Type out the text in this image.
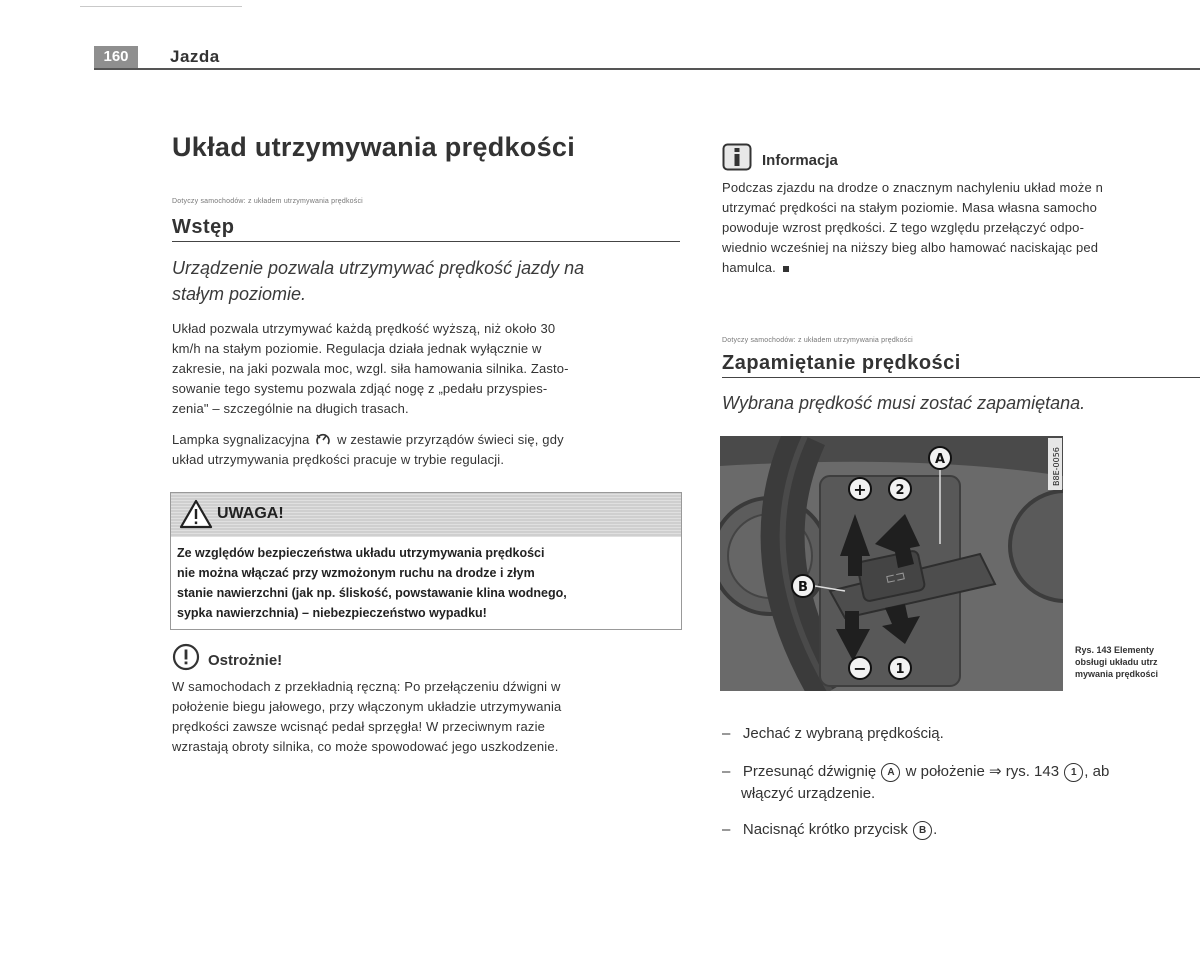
160	Jazda
Układ utrzymywania prędkości
Dotyczy samochodów: z układem utrzymywania prędkości
Wstęp
Urządzenie pozwala utrzymywać prędkość jazdy na
stałym poziomie.
Układ pozwala utrzymywać każdą prędkość wyższą, niż około 30
km/h na stałym poziomie. Regulacja działa jednak wyłącznie w
zakresie, na jaki pozwala moc, wzgl. siła hamowania silnika. Zasto-
sowanie tego systemu pozwala zdjąć nogę z „pedału przyspies-
zenia" – szczególnie na długich trasach.
Lampka sygnalizacyjna w zestawie przyrządów świeci się, gdy
układ utrzymywania prędkości pracuje w trybie regulacji.
UWAGA!
Ze względów bezpieczeństwa układu utrzymywania prędkości
nie można włączać przy wzmożonym ruchu na drodze i złym
stanie nawierzchni (jak np. śliskość, powstawanie klina wodnego,
sypka nawierzchnia) – niebezpieczeństwo wypadku!
Ostrożnie!
W samochodach z przekładnią ręczną: Po przełączeniu dźwigni w
położenie biegu jałowego, przy włączonym układzie utrzymywania
prędkości zawsze wcisnąć pedał sprzęgła! W przeciwnym razie
wzrastają obroty silnika, co może spowodować jego uszkodzenie.
Informacja
Podczas zjazdu na drodze o znacznym nachyleniu układ może n
utrzymać prędkości na stałym poziomie. Masa własna samocho
powoduje wzrost prędkości. Z tego względu przełączyć odpo-
wiednio wcześniej na niższy bieg albo hamować naciskając ped
hamulca.
Dotyczy samochodów: z układem utrzymywania prędkości
Zapamiętanie prędkości
Wybrana prędkość musi zostać zapamiętana.
⊏⊐
A
+ 2
B
− 1
B8E-0056
Rys. 143 Elementy
obsługi układu utrz
mywania prędkości
– Jechać z wybraną prędkością.
– Przesunąć dźwignię A w położenie ⇒ rys. 143 1 , ab
włączyć urządzenie.
– Nacisnąć krótko przycisk B .
